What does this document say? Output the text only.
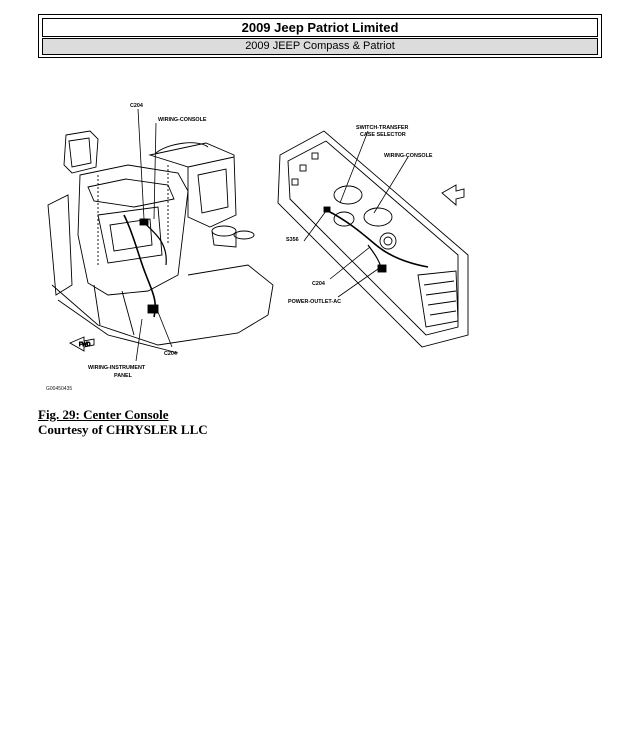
2009 Jeep Patriot Limited
2009 JEEP Compass & Patriot
FWD
C204
WIRING-CONSOLE
C204
WIRING-INSTRUMENT
PANEL
G00450435
SWITCH-TRANSFER
CASE SELECTOR
WIRING-CONSOLE
S356
C204
POWER-OUTLET-AC
Fig. 29: Center Console
Courtesy of CHRYSLER LLC
